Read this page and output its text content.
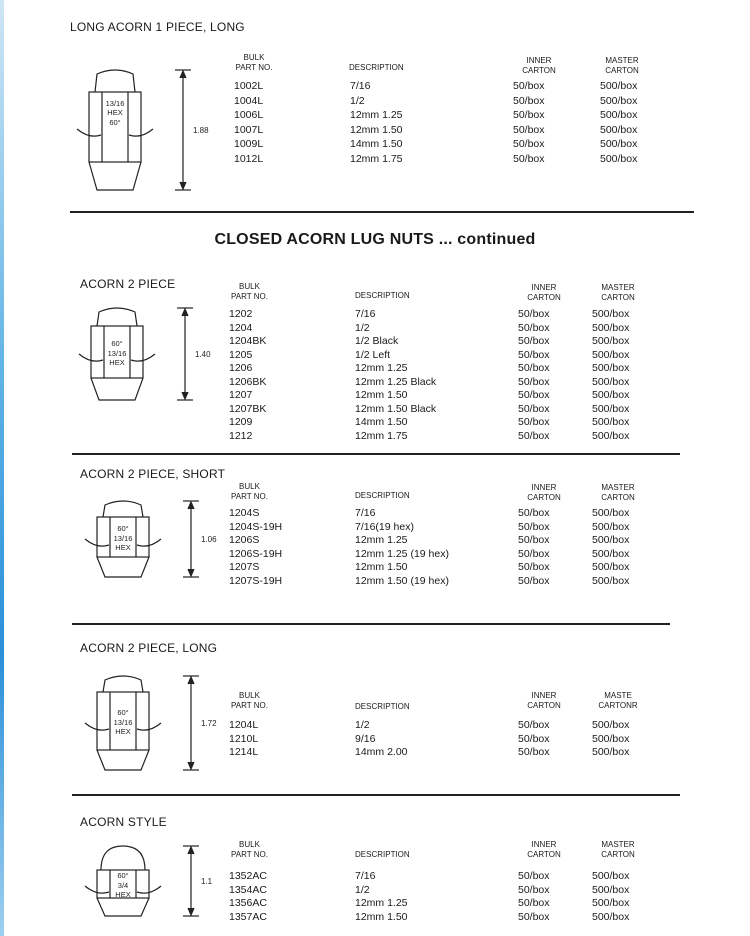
CLOSED ACORN LUG NUTS ... continued
LONG ACORN 1 PIECE, LONG
BULK
PART NO.	DESCRIPTION
INNER
CARTON
MASTER
CARTON
1002L	7/16	50/box	500/box
1004L	1/2	50/box	500/box
1006L	12mm 1.25	50/box	500/box
1007L	12mm 1.50	50/box	500/box
1009L	14mm 1.50	50/box	500/box
1012L	12mm 1.75	50/box	500/box
13/16
HEX
60°
1.88
ACORN 2 PIECE	BULK
PART NO.	DESCRIPTION
INNER
CARTON
MASTER
CARTON
1202	7/16	50/box	500/box
1204	1/2	50/box	500/box
1204BK	1/2 Black	50/box	500/box
1205	1/2 Left	50/box	500/box
1206	12mm 1.25	50/box	500/box
1206BK	12mm 1.25 Black	50/box	500/box
1207	12mm 1.50	50/box	500/box
1207BK	12mm 1.50 Black	50/box	500/box
1209	14mm 1.50	50/box	500/box
1212	12mm 1.75	50/box	500/box
13/16
HEX
60°
1.40
ACORN 2 PIECE, SHORT
BULK
PART NO.	DESCRIPTION
INNER
CARTON
MASTER
CARTON
1204S	7/16	50/box	500/box
1204S-19H	7/16(19 hex)	50/box	500/box
1206S	12mm 1.25	50/box	500/box
1206S-19H	12mm 1.25 (19 hex)	50/box	500/box
1207S	12mm 1.50	50/box	500/box
1207S-19H	12mm 1.50 (19 hex)	50/box	500/box
13/16
HEX
60°
1.06
ACORN 2 PIECE, LONG
BULK
PART NO.	DESCRIPTION
INNER
CARTON
MASTE
CARTONR
1204L	1/2	50/box	500/box
1210L	9/16	50/box	500/box
1214L	14mm 2.00	50/box	500/box
13/16
HEX
60°
1.72
ACORN STYLE
BULK
PART NO.	DESCRIPTION
INNER
CARTON
MASTER
CARTON
1352AC	7/16	50/box	500/box
1354AC	1/2	50/box	500/box
1356AC	12mm 1.25	50/box	500/box
1357AC	12mm 1.50	50/box	500/box
3/4
HEX
60°
1.1
